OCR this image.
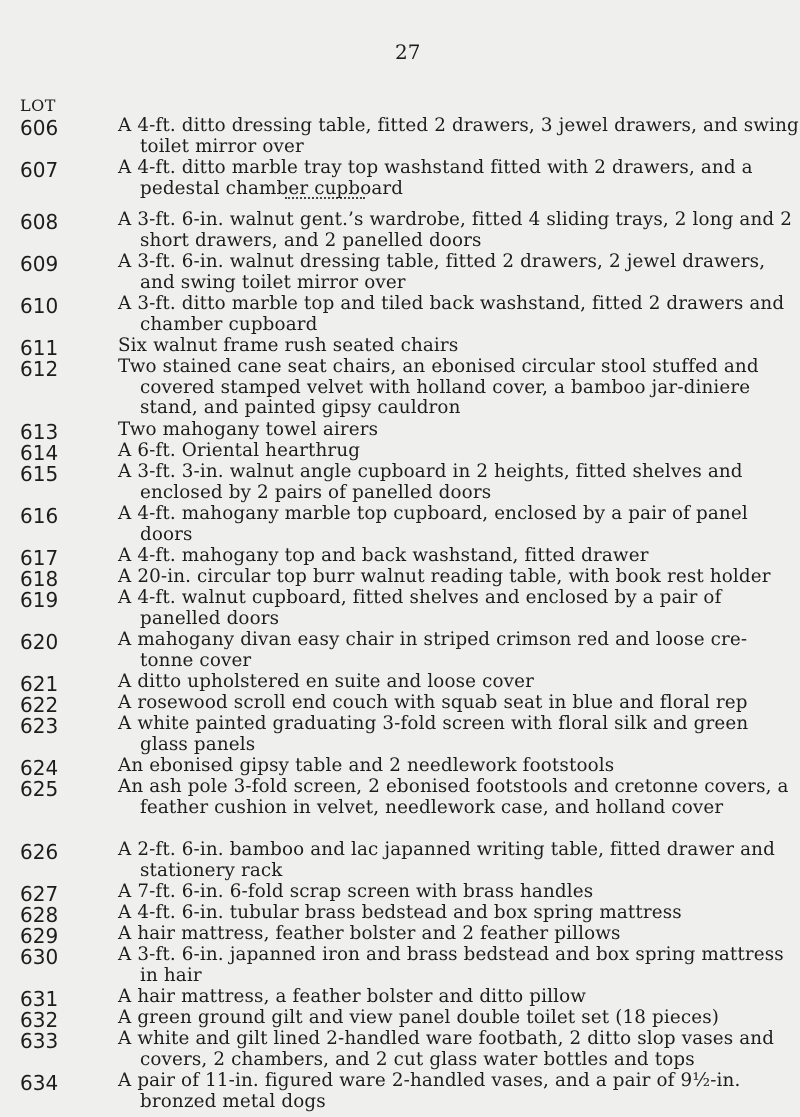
27
LOT
606	A 4-ft. ditto dressing table, fitted 2 drawers, 3 jewel drawers, and swing toilet mirror over
607	A 4-ft. ditto marble tray top washstand fitted with 2 drawers, and a pedestal chamber cupboard
608	A 3-ft. 6-in. walnut gent.’s wardrobe, fitted 4 sliding trays, 2 long and 2 short drawers, and 2 panelled doors
609	A 3-ft. 6-in. walnut dressing table, fitted 2 drawers, 2 jewel drawers, and swing toilet mirror over
610	A 3-ft. ditto marble top and tiled back washstand, fitted 2 drawers and chamber cupboard
611	Six walnut frame rush seated chairs
612	Two stained cane seat chairs, an ebonised circular stool stuffed and covered stamped velvet with holland cover, a bamboo jar-diniere stand, and painted gipsy cauldron
613	Two mahogany towel airers
614	A 6-ft. Oriental hearthrug
615	A 3-ft. 3-in. walnut angle cupboard in 2 heights, fitted shelves and enclosed by 2 pairs of panelled doors
616	A 4-ft. mahogany marble top cupboard, enclosed by a pair of panel doors
617	A 4-ft. mahogany top and back washstand, fitted drawer
618	A 20-in. circular top burr walnut reading table, with book rest holder
619	A 4-ft. walnut cupboard, fitted shelves and enclosed by a pair of panelled doors
620	A mahogany divan easy chair in striped crimson red and loose cre-tonne cover
621	A ditto upholstered en suite and loose cover
622	A rosewood scroll end couch with squab seat in blue and floral rep
623	A white painted graduating 3-fold screen with floral silk and green glass panels
624	An ebonised gipsy table and 2 needlework footstools
625	An ash pole 3-fold screen, 2 ebonised footstools and cretonne covers, a feather cushion in velvet, needlework case, and holland cover
626	A 2-ft. 6-in. bamboo and lac japanned writing table, fitted drawer and stationery rack
627	A 7-ft. 6-in. 6-fold scrap screen with brass handles
628	A 4-ft. 6-in. tubular brass bedstead and box spring mattress
629	A hair mattress, feather bolster and 2 feather pillows
630	A 3-ft. 6-in. japanned iron and brass bedstead and box spring mattress in hair
631	A hair mattress, a feather bolster and ditto pillow
632	A green ground gilt and view panel double toilet set (18 pieces)
633	A white and gilt lined 2-handled ware footbath, 2 ditto slop vases and covers, 2 chambers, and 2 cut glass water bottles and tops
634	A pair of 11-in. figured ware 2-handled vases, and a pair of 9½-in. bronzed metal dogs
